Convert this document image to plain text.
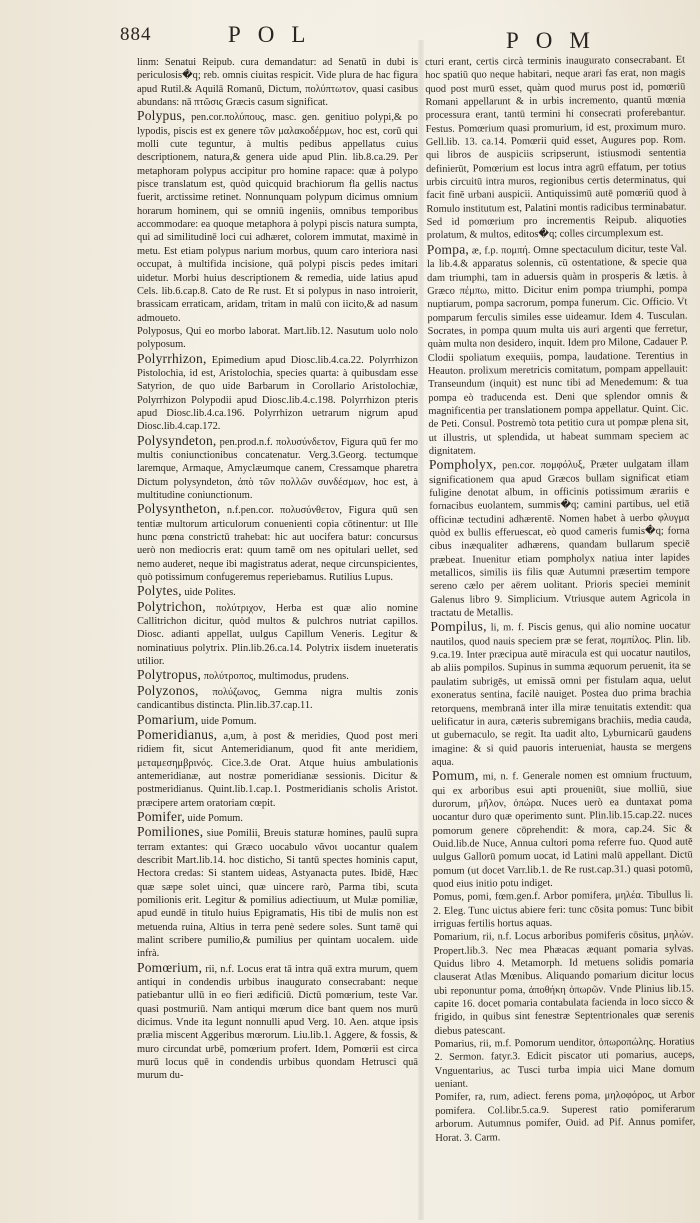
884	POL	POM

linm: Senatui Reipub. cura demandatur: ad Senatū in dubi is periculosis�q; reb. omnis ciuitas respicit. Vide plura de hac figura apud Rutil.& Aquilā Romanū, Dictum, πολύπτωτον, quasi casibus abundans: nā πτῶσις Græcis casum significat.

Polypus, pen.cor.πολύπους, masc. gen. genitiuo polypi,& po lypodis, piscis est ex genere τῶν μαλακοδέρμων, hoc est, corū qui molli cute teguntur, à multis pedibus appellatus cuius descriptionem, natura,& genera uide apud Plin. lib.8.ca.29. Per metaphoram polypus accipitur pro homine rapace: quæ à polypo pisce translatum est, quòd quicquid brachiorum fla gellis nactus fuerit, arctissime retinet. Nonnunquam polypum dicimus omnium horarum hominem, qui se omniū ingeniis, omnibus temporibus accommodare: ea quoque metaphora à polypi piscis natura sumpta, qui ad similitudinē loci cui adhæret, colorem immutat, maximè in metu. Est etiam polypus narium morbus, quum caro interiora nasi occupat, à multifida incisione, quā polypi piscis pedes imitari uidetur. Morbi huius descriptionem & remedia, uide latius apud Cels. lib.6.cap.8. Cato de Re rust. Et si polypus in naso introierit, brassicam erraticam, aridam, tritam in malū con iicito,& ad nasum admoueto.

Polyposus, Qui eo morbo laborat. Mart.lib.12. Nasutum uolo nolo polyposum.

Polyrrhizon, Epimedium apud Diosc.lib.4.ca.22. Polyrrhizon Pistolochia, id est, Aristolochia, species quarta: à quibusdam esse Satyrion, de quo uide Barbarum in Corollario Aristolochiæ, Polyrrhizon Polypodii apud Diosc.lib.4.c.198. Polyrrhizon pteris apud Diosc.lib.4.ca.196. Polyrrhizon uetrarum nigrum apud Diosc.lib.4.cap.172.

Polysyndeton, pen.prod.n.f. πολυσύνδετον, Figura quū fer mo multis coniunctionibus concatenatur. Verg.3.Georg. tectumque laremque, Armaque, Amyclæumque canem, Cressamque pharetra Dictum polysyndeton, ἀπὸ τῶν πολλῶν συνδέσμων, hoc est, à multitudine coniunctionum.

Polysyntheton, n.f.pen.cor. πολυσύνθετον, Figura quū sen tentiæ multorum articulorum conuenienti copia cōtinentur: ut Ille hunc pœna constrictū trahebat: hic aut uocifera batur: concursus uerò non mediocris erat: quum tamē om nes opitulari uellet, sed nemo auderet, neque ibi magistratus aderat, neque circunspicientes, quò potissimum confugeremus reperiebamus. Rutilius Lupus.

Polytes, uide Polites.

Polytrichon, πολύτριχον, Herba est quæ alio nomine Callitrichon dicitur, quòd multos & pulchros nutriat capillos. Diosc. adianti appellat, uulgus Capillum Veneris. Legitur & nominatiuus polytrix. Plin.lib.26.ca.14. Polytrix iisdem inueteratis utilior.

Polytropus, πολύτροπος, multimodus, prudens.

Polyzonos, πολύζωνος, Gemma nigra multis zonis candicantibus distincta. Plin.lib.37.cap.11.

Pomarium, uide Pomum.

Pomeridianus, a,um, à post & meridies, Quod post meri ridiem fit, sicut Antemeridianum, quod fit ante meridiem, μεταμεσημβρινός. Cice.3.de Orat. Atque huius ambulationis antemeridianæ, aut nostræ pomeridianæ sessionis. Dicitur & postmeridianus. Quint.lib.1.cap.1. Postmeridianis scholis Aristot. præcipere artem oratoriam cœpit.

Pomifer, uide Pomum.

Pomiliones, siue Pomilii, Breuis staturæ homines, paulū supra terram extantes: qui Græco uocabulo νᾶνοι uocantur qualem describit Mart.lib.14. hoc disticho, Si tantū spectes hominis caput, Hectora credas: Si stantem uideas, Astyanacta putes. Ibidē, Hæc quæ sæpe solet uinci, quæ uincere rarò, Parma tibi, scuta pomilionis erit. Legitur & pomilius adiectiuum, ut Mulæ pomiliæ, apud eundē in titulo huius Epigramatis, His tibi de mulis non est metuenda ruina, Altius in terra penè sedere soles. Sunt tamē qui malint scribere pumilio,& pumilius per quintam uocalem. uide infrà.

Pomœrium, rii, n.f. Locus erat tā intra quā extra murum, quem antiqui in condendis urbibus inaugurato consecrabant: neque patiebantur ullū in eo fieri ædificiū. Dictū pomœrium, teste Var. quasi postmuriū. Nam antiqui mœrum dice bant quem nos murū dicimus. Vnde ita legunt nonnulli apud Verg. 10. Aen. atque ipsis prælia miscent Aggeribus mœrorum. Liu.lib.1. Aggere, & fossis, & muro circundat urbē, pomœrium profert. Idem, Pomœrii est circa murū locus quē in condendis urbibus quondam Hetrusci quā murum du-

cturi erant, certis circà terminis inaugurato consecrabant. Et hoc spatiū quo neque habitari, neque arari fas erat, non magis quod post murū esset, quàm quod murus post id, pomœriū Romani appellarunt & in urbis incremento, quantū mœnia processura erant, tantū termini hi consecrati proferebantur. Festus. Pomœrium quasi promurium, id est, proximum muro. Gell.lib. 13. ca.14. Pomœrii quid esset, Augures pop. Rom. qui libros de auspiciis scripserunt, istiusmodi sententia definierūt, Pomœrium est locus intra agrū effatum, per totius urbis circuitū intra muros, regionibus certis determinatus, qui facit finē urbani auspicii. Antiquissimū autē pomœriū quod à Romulo institutum est, Palatini montis radicibus terminabatur. Sed id pomœrium pro incrementis Reipub. aliquoties prolatum, & multos, editos�q; colles circumplexum est.

Pompa, æ, f.p. πομπή. Omne spectaculum dicitur, teste Val. la lib.4.& apparatus solennis, cū ostentatione, & specie qua dam triumphi, tam in aduersis quàm in prosperis & lætis. à Græco πέμπω, mitto. Dicitur enim pompa triumphi, pompa nuptiarum, pompa sacrorum, pompa funerum. Cic. Officio. Vt pomparum ferculis similes esse uideamur. Idem 4. Tusculan. Socrates, in pompa quum multa uis auri argenti que ferretur, quàm multa non desidero, inquit. Idem pro Milone, Cadauer P. Clodii spoliatum exequiis, pompa, laudatione. Terentius in Heauton. prolixum meretricis comitatum, pompam appellauit: Transeundum (inquit) est nunc tibi ad Menedemum: & tua pompa eò traducenda est. Deni que splendor omnis & magnificentia per translationem pompa appellatur. Quint. Cic. de Peti. Consul. Postremò tota petitio cura ut pompæ plena sit, ut illustris, ut splendida, ut habeat summam speciem ac dignitatem.

Pompholyx, pen.cor. πομφόλυξ, Præter uulgatam illam significationem qua apud Græcos bullam significat etiam fuligine denotat album, in officinis potissimum ærariis e fornacibus euolantem, summis�q; camini partibus, uel etiā officinæ tectudini adhærentē. Nomen habet à uerbo φλυγμα quòd ex bullis efferuescat, eò quod cameris fumis�q; forna cibus inæqualiter adhærens, quandam bullarum speciē præbeat. Inuenitur etiam pompholyx natiua inter lapides metallicos, similis iis filis quæ Autumni præsertim tempore sereno cælo per aërem uolitant. Prioris speciei meminit Galenus libro 9. Simplicium. Vtriusque autem Agricola in tractatu de Metallis.

Pompilus, li, m. f. Piscis genus, qui alio nomine uocatur nautilos, quod nauis speciem præ se ferat, πομπίλος. Plin. lib. 9.ca.19. Inter præcipua autē miracula est qui uocatur nautilos, ab aliis pompilos. Supinus in summa æquorum peruenit, ita se paulatim subrigēs, ut emissā omni per fistulam aqua, uelut exoneratus sentina, facilè nauiget. Postea duo prima brachia retorquens, membranā inter illa miræ tenuitatis extendit: qua uelificatur in aura, cæteris subremigans brachiis, media cauda, ut gubernaculo, se regit. Ita uadit alto, Lyburnicarū gaudens imagine: & si quid pauoris interueniat, hausta se mergens aqua.

Pomum, mi, n. f. Generale nomen est omnium fructuum, qui ex arboribus esui apti proueniūt, siue molliū, siue durorum, μῆλον, ὀπώρα. Nuces uerò ea duntaxat poma uocantur duro quæ operimento sunt. Plin.lib.15.cap.22. nuces pomorum genere cōprehendit: & mora, cap.24. Sic & Ouid.lib.de Nuce, Annua cultori poma referre fuo. Quod autē uulgus Gallorū pomum uocat, id Latini malū appellant. Dictū pomum (ut docet Varr.lib.1. de Re rust.cap.31.) quasi potomū, quod eius initio potu indiget.

Pomus, pomi, fœm.gen.f. Arbor pomifera, μηλέα. Tibullus li. 2. Eleg. Tunc uictus abiere feri: tunc cōsita pomus: Tunc bibit irriguas fertilis hortus aquas.

Pomarium, rii, n.f. Locus arboribus pomiferis cōsitus, μηλών. Propert.lib.3. Nec mea Phæacas æquant pomaria sylvas. Quidus libro 4. Metamorph. Id metuens solidis pomaria clauserat Atlas Mœnibus. Aliquando pomarium dicitur locus ubi reponuntur poma, ἀποθήκη ὀπωρῶν. Vnde Plinius lib.15. capite 16. docet pomaria contabulata facienda in loco sicco & frigido, in quibus sint fenestræ Septentrionales quæ serenis diebus patescant.

Pomarius, rii, m.f. Pomorum uenditor, ὀπωροπώλης. Horatius 2. Sermon. fatyr.3. Edicit piscator uti pomarius, auceps, Vnguentarius, ac Tusci turba impia uici Mane domum ueniant.

Pomifer, ra, rum, adiect. ferens poma, μηλοφόρος, ut Arbor pomifera. Col.libr.5.ca.9. Superest ratio pomiferarum arborum. Autumnus pomifer, Ouid. ad Pif. Annus pomifer, Horat. 3. Carm.
